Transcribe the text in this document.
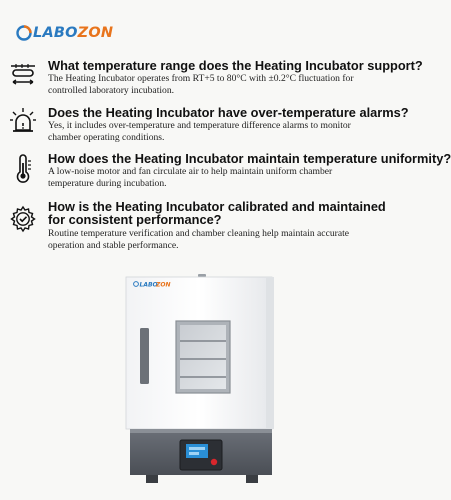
LABOZON
What temperature range does the Heating Incubator support?
The Heating Incubator operates from RT+5 to 80°C with ±0.2°C fluctuation for controlled laboratory incubation.
Does the Heating Incubator have over-temperature alarms?
Yes, it includes over-temperature and temperature difference alarms to monitor chamber operating conditions.
How does the Heating Incubator maintain temperature uniformity?
A low-noise motor and fan circulate air to help maintain uniform chamber temperature during incubation.
How is the Heating Incubator calibrated and maintained for consistent performance?
Routine temperature verification and chamber cleaning help maintain accurate operation and stable performance.
LABO
ZON
